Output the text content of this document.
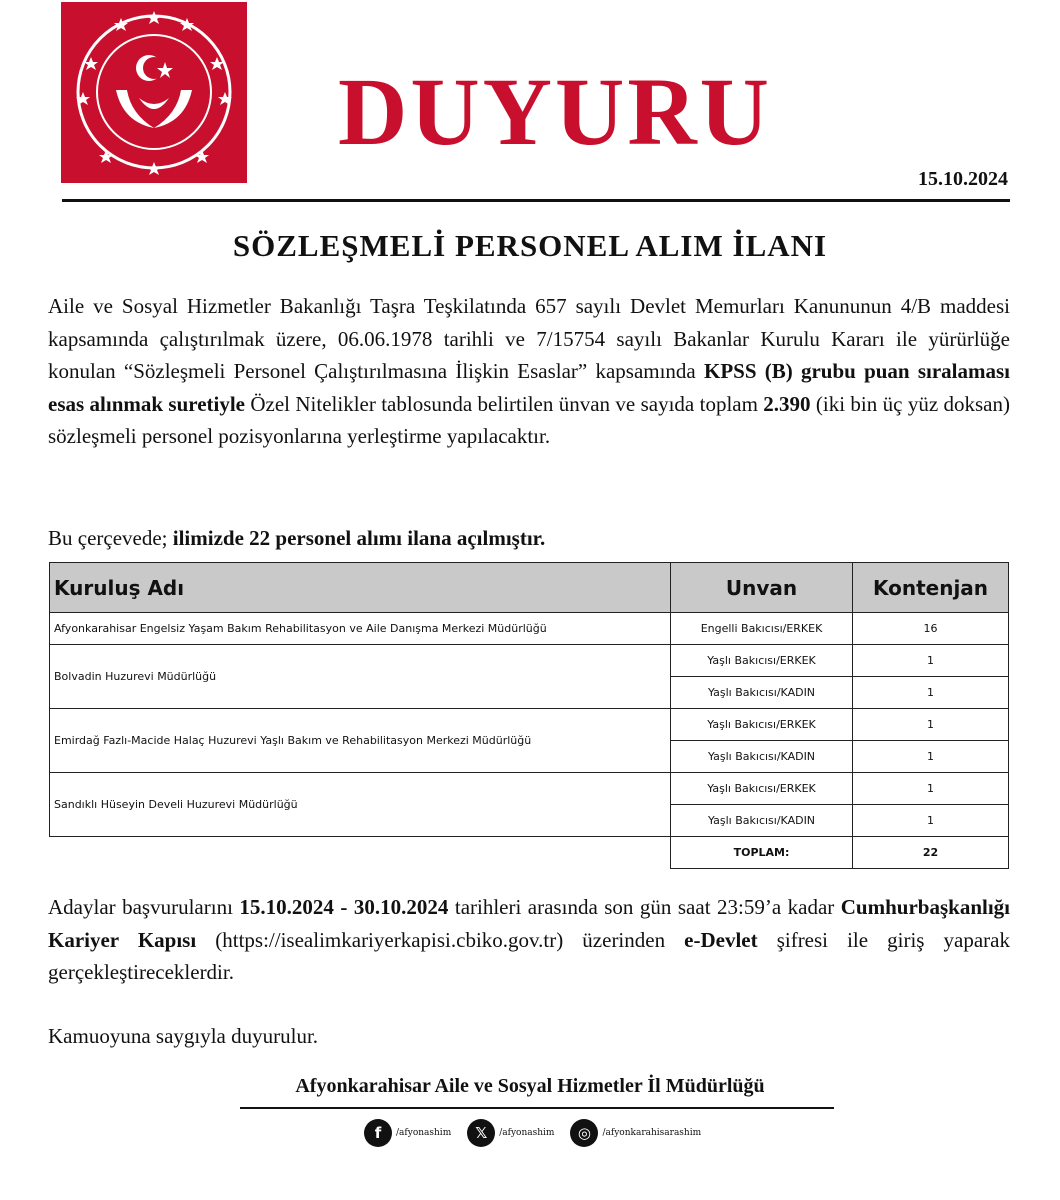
DUYURU
15.10.2024
SÖZLEŞMELİ PERSONEL ALIM İLANI
Aile ve Sosyal Hizmetler Bakanlığı Taşra Teşkilatında 657 sayılı Devlet Memurları Kanununun 4/B maddesi kapsamında çalıştırılmak üzere, 06.06.1978 tarihli ve 7/15754 sayılı Bakanlar Kurulu Kararı ile yürürlüğe konulan “Sözleşmeli Personel Çalıştırılmasına İlişkin Esaslar” kapsamında KPSS (B) grubu puan sıralaması esas alınmak suretiyle Özel Nitelikler tablosunda belirtilen ünvan ve sayıda toplam 2.390 (iki bin üç yüz doksan) sözleşmeli personel pozisyonlarına yerleştirme yapılacaktır.
Bu çerçevede; ilimizde 22 personel alımı ilana açılmıştır.
Kuruluş Adı	Unvan	Kontenjan
Afyonkarahisar Engelsiz Yaşam Bakım Rehabilitasyon ve Aile Danışma Merkezi Müdürlüğü	Engelli Bakıcısı/ERKEK	16
Bolvadin Huzurevi Müdürlüğü	Yaşlı Bakıcısı/ERKEK	1
	Yaşlı Bakıcısı/KADIN	1
Emirdağ Fazlı-Macide Halaç Huzurevi Yaşlı Bakım ve Rehabilitasyon Merkezi Müdürlüğü	Yaşlı Bakıcısı/ERKEK	1
	Yaşlı Bakıcısı/KADIN	1
Sandıklı Hüseyin Develi Huzurevi Müdürlüğü	Yaşlı Bakıcısı/ERKEK	1
	Yaşlı Bakıcısı/KADIN	1
	TOPLAM:	22
Adaylar başvurularını 15.10.2024 - 30.10.2024 tarihleri arasında son gün saat 23:59’a kadar Cumhurbaşkanlığı Kariyer Kapısı (https://isealimkariyerkapisi.cbiko.gov.tr) üzerinden e-Devlet şifresi ile giriş yaparak gerçekleştireceklerdir.
Kamuoyuna saygıyla duyurulur.
Afyonkarahisar Aile ve Sosyal Hizmetler İl Müdürlüğü
f	/afyonashim	𝕏	/afyonashim	◎	/afyonkarahisarashim
